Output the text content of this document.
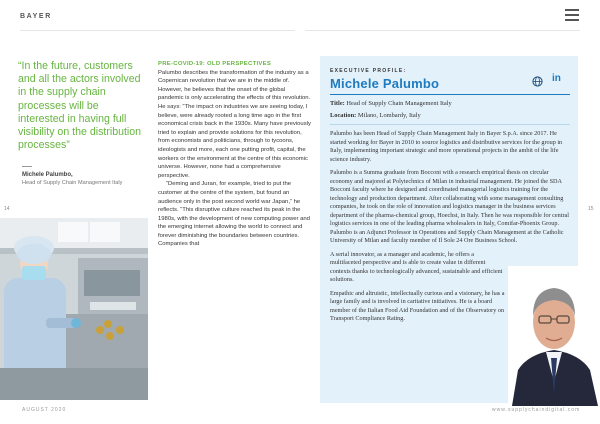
BAYER
“In the future, customers and all the actors involved in the supply chain processes will be interested in having full visibility on the distribution processes”
Michele Palumbo,
Head of Supply Chain Management Italy
14	15
PRE-COVID-19: OLD PERSPECTIVES

Palumbo describes the transformation of the industry as a Copernican revolution that we are in the middle of. However, he believes that the onset of the global pandemic is only accelerating the effects of this revolution. He says: “The impact on industries we are seeing today, I believe, were already rooted a long time ago in the first economical crisis back in the 1930s. Many have previously tried to explain and provide solutions for this revolution, from economists and politicians, through to tycoons, ideologists and more, each one putting profit, capital, the workers or the environment at the centre of this economic universe. However, none had a comprehensive perspective.

“Deming and Juran, for example, tried to put the customer at the centre of the system, but found an audience only in the post second world war Japan,” he reflects. “This disruptive culture reached its peak in the 1980s, with the development of new computing power and the emerging internet allowing the world to connect and forever diminishing the boundaries between countries. Companies that

EXECUTIVE PROFILE:
Michele Palumbo	in
Title: Head of Supply Chain Management Italy
Location: Milano, Lombardy, Italy

Palumbo has been Head of Supply Chain Management Italy in Bayer S.p.A. since 2017. He started working for Bayer in 2010 to source logistics and distributive services for the group in Italy, implementing important strategic and more operational projects in the ambit of the life science industry.

Palumbo is a Summa graduate from Bocconi with a research empirical thesis on circular economy and majored at Polytechnics of Milan in industrial management. He joined the SDA Bocconi faculty where he designed and coordinated managerial logistics training for the technology and production department. After collaborating with some management consulting companies, he took on the role of innovation and logistics manager in the business services department of the pharma-chemical group, Hoechst, in Italy. Then he was responsible for central logistics services in one of the leading pharma wholesalers in Italy, Comifar-Phoenix Group. Palumbo is an Adjunct Professor in Operations and Supply Chain Management at the Catholic University of Milan and faculty member of Il Sole 24 Ore Business School.

A serial innovator, as a manager and academic, he offers a multifaceted perspective and is able to create value in different contexts thanks to technologically advanced, sustainable and efficient solutions.

Empathic and altruistic, intellectually curious and a visionary, he has a large family and is involved in caritative initiatives. He is a board member of the Italian Food Aid Foundation and of the Observatory on Transport Compliance Rating.

AUGUST 2020	www.supplychaindigital.com
